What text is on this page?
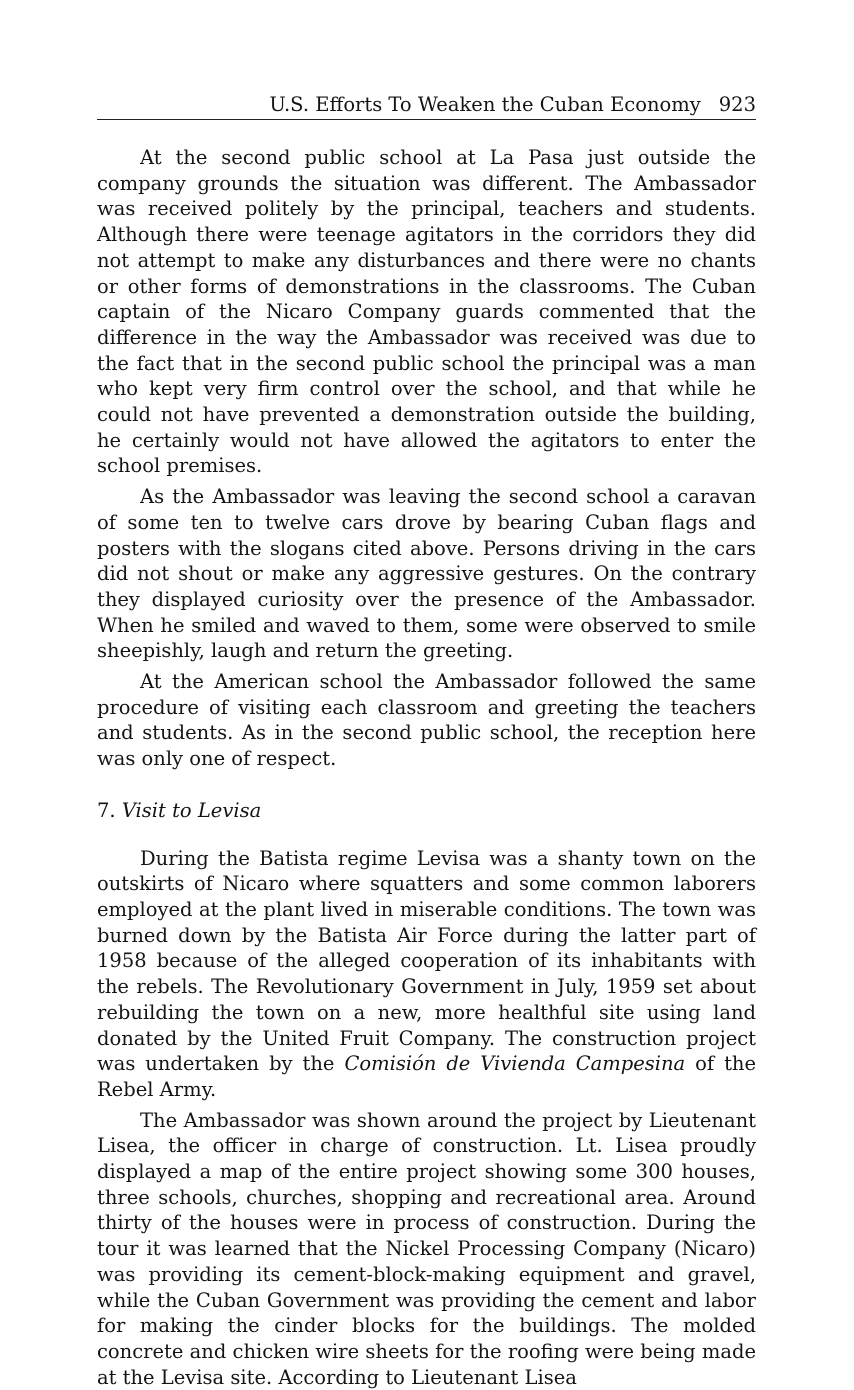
U.S. Efforts To Weaken the Cuban Economy 923

At the second public school at La Pasa just outside the company grounds the situation was different. The Ambassador was received politely by the principal, teachers and students. Although there were teenage agitators in the corridors they did not attempt to make any disturbances and there were no chants or other forms of demonstrations in the classrooms. The Cuban captain of the Nicaro Company guards commented that the difference in the way the Ambassador was received was due to the fact that in the second public school the principal was a man who kept very firm control over the school, and that while he could not have prevented a demonstration outside the building, he certainly would not have allowed the agitators to enter the school premises.

As the Ambassador was leaving the second school a caravan of some ten to twelve cars drove by bearing Cuban flags and posters with the slogans cited above. Persons driving in the cars did not shout or make any aggressive gestures. On the contrary they displayed curiosity over the presence of the Ambassador. When he smiled and waved to them, some were observed to smile sheepishly, laugh and return the greeting.

At the American school the Ambassador followed the same procedure of visiting each classroom and greeting the teachers and students. As in the second public school, the reception here was only one of respect.

7. Visit to Levisa

During the Batista regime Levisa was a shanty town on the outskirts of Nicaro where squatters and some common laborers employed at the plant lived in miserable conditions. The town was burned down by the Batista Air Force during the latter part of 1958 because of the alleged cooperation of its inhabitants with the rebels. The Revolutionary Government in July, 1959 set about rebuilding the town on a new, more healthful site using land donated by the United Fruit Company. The construction project was undertaken by the Comisión de Vivienda Campesina of the Rebel Army.

The Ambassador was shown around the project by Lieutenant Lisea, the officer in charge of construction. Lt. Lisea proudly displayed a map of the entire project showing some 300 houses, three schools, churches, shopping and recreational area. Around thirty of the houses were in process of construction. During the tour it was learned that the Nickel Processing Company (Nicaro) was providing its cement-block-making equipment and gravel, while the Cuban Government was providing the cement and labor for making the cinder blocks for the buildings. The molded concrete and chicken wire sheets for the roofing were being made at the Levisa site. According to Lieutenant Lisea
